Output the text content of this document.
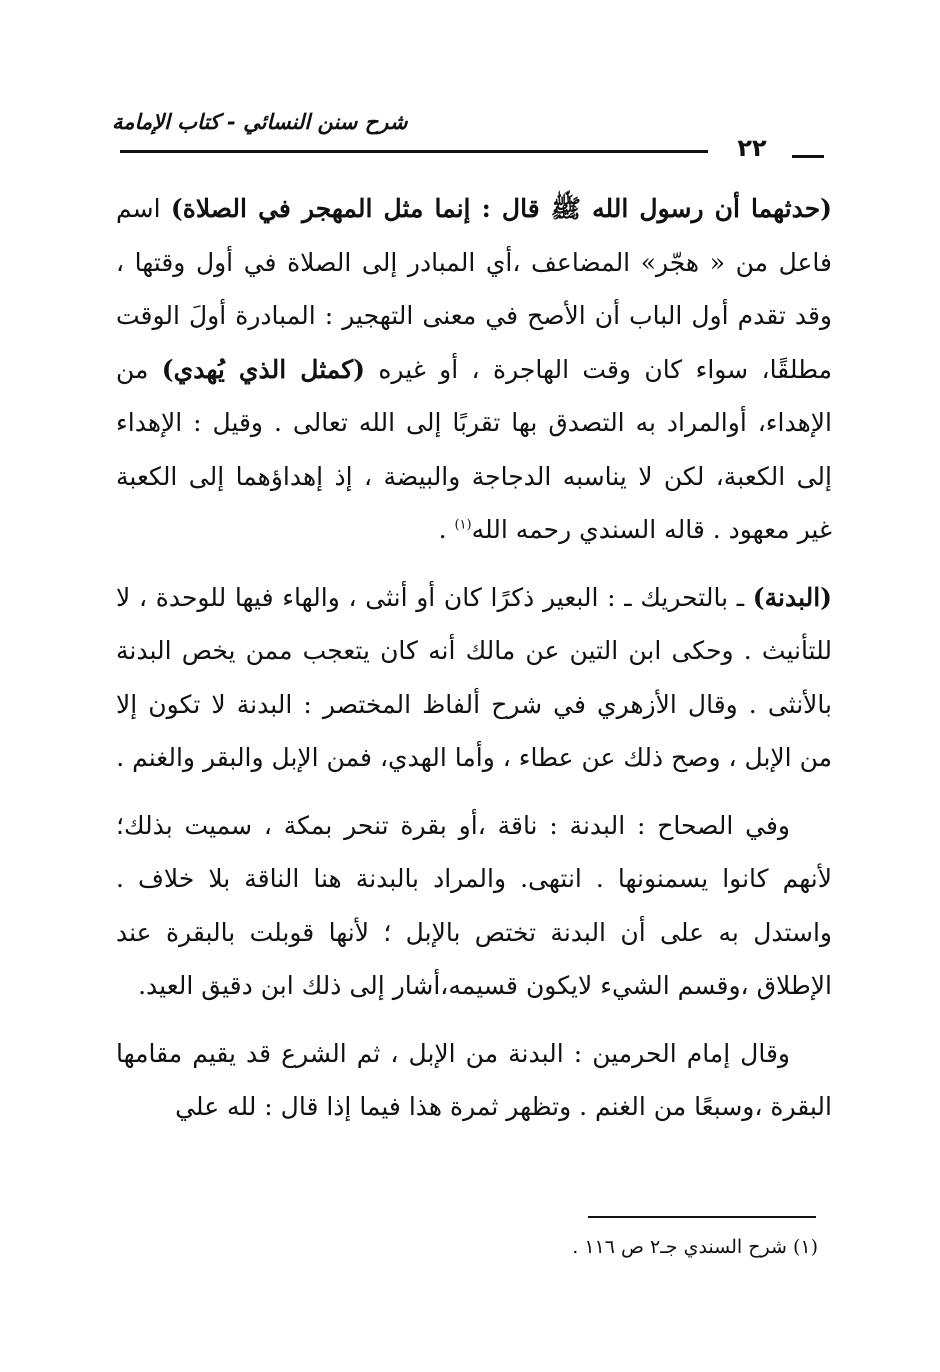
شرح سنن النسائي - كتاب الإمامة
٢٢

(حدثهما أن رسول الله ﷺ قال : إنما مثل المهجر في الصلاة) اسم فاعل من « هجّر» المضاعف ،أي المبادر إلى الصلاة في أول وقتها ، وقد تقدم أول الباب أن الأصح في معنى التهجير : المبادرة أولَ الوقت مطلقًا، سواء كان وقت الهاجرة ، أو غيره (كمثل الذي يُهدي) من الإهداء، أوالمراد به التصدق بها تقربًا إلى الله تعالى . وقيل : الإهداء إلى الكعبة، لكن لا يناسبه الدجاجة والبيضة ، إذ إهداؤهما إلى الكعبة غير معهود . قاله السندي رحمه الله$^{(١)}$ .

(البدنة) ـ بالتحريك ـ : البعير ذكرًا كان أو أنثى ، والهاء فيها للوحدة ، لا للتأنيث . وحكى ابن التين عن مالك أنه كان يتعجب ممن يخص البدنة بالأنثى . وقال الأزهري في شرح ألفاظ المختصر : البدنة لا تكون إلا من الإبل ، وصح ذلك عن عطاء ، وأما الهدي، فمن الإبل والبقر والغنم .

وفي الصحاح : البدنة : ناقة ،أو بقرة تنحر بمكة ، سميت بذلك؛ لأنهم كانوا يسمنونها . انتهى. والمراد بالبدنة هنا الناقة بلا خلاف . واستدل به على أن البدنة تختص بالإبل ؛ لأنها قوبلت بالبقرة عند الإطلاق ،وقسم الشيء لايكون قسيمه،أشار إلى ذلك ابن دقيق العيد.

وقال إمام الحرمين : البدنة من الإبل ، ثم الشرع قد يقيم مقامها البقرة ،وسبعًا من الغنم . وتظهر ثمرة هذا فيما إذا قال : لله علي

(١) شرح السندي جـ٢ ص ١١٦ .
